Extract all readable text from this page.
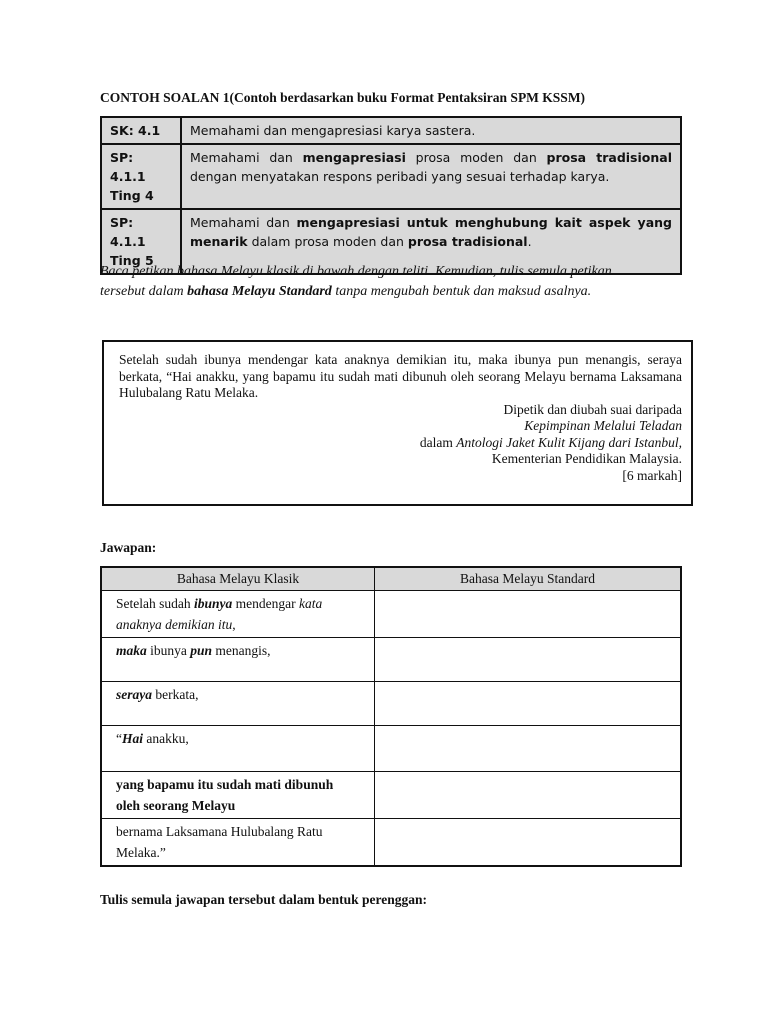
CONTOH SOALAN 1(Contoh berdasarkan buku Format Pentaksiran SPM KSSM)
SK: 4.1	Memahami dan mengapresiasi karya sastera.

SP: 4.1.1
Ting 4	Memahami dan mengapresiasi prosa moden dan prosa tradisional dengan menyatakan respons peribadi yang sesuai terhadap karya.

SP: 4.1.1
Ting 5	Memahami dan mengapresiasi untuk menghubung kait aspek yang menarik dalam prosa moden dan prosa tradisional.
Baca petikan bahasa Melayu klasik di bawah dengan teliti. Kemudian, tulis semula petikan tersebut dalam bahasa Melayu Standard tanpa mengubah bentuk dan maksud asalnya.
Setelah sudah ibunya mendengar kata anaknya demikian itu, maka ibunya pun menangis, seraya berkata, “Hai anakku, yang bapamu itu sudah mati dibunuh oleh seorang Melayu bernama Laksamana Hulubalang Ratu Melaka.
Dipetik dan diubah suai daripada
Kepimpinan Melalui Teladan
dalam Antologi Jaket Kulit Kijang dari Istanbul,
Kementerian Pendidikan Malaysia.
[6 markah]
Jawapan:
Bahasa Melayu Klasik	Bahasa Melayu Standard
Setelah sudah ibunya mendengar kata anaknya demikian itu,	
maka ibunya pun menangis,	
seraya berkata,	
“Hai anakku,	
yang bapamu itu sudah mati dibunuh oleh seorang Melayu	
bernama Laksamana Hulubalang Ratu Melaka.”	
Tulis semula jawapan tersebut dalam bentuk perenggan:
